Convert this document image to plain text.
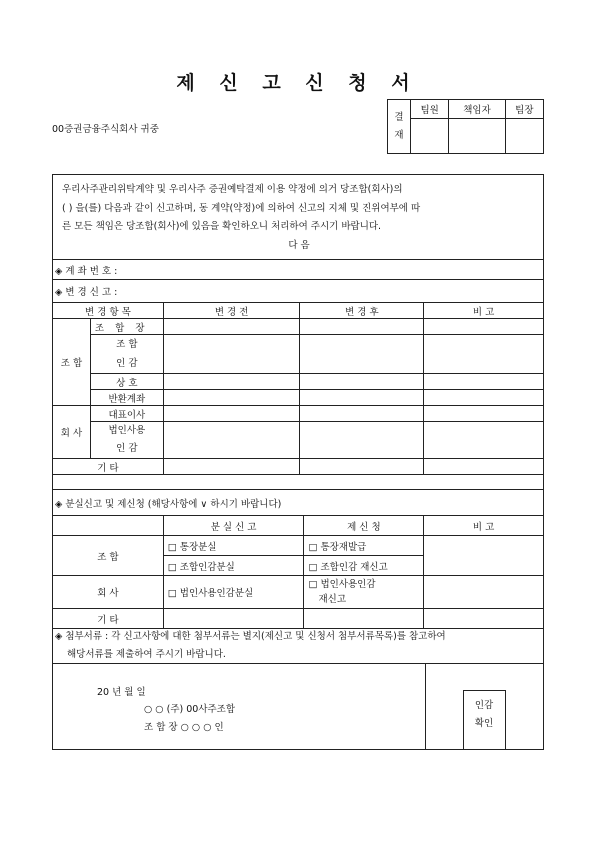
제 신 고 신 청 서
00증권금융주식회사 귀중
결
재	팀원	책임자	팀장

우리사주관리위탁계약 및 우리사주 증권예탁결제 이용 약정에 의거 당조합(회사)의
( ) 을(를) 다음과 같이 신고하며, 동 계약(약정)에 의하여 신고의 지체 및 진위여부에 따
른 모든 책임은 당조합(회사)에 있음을 확인하오니 처리하여 주시기 바랍니다.
다 음
◈ 계 좌 번 호 :
◈ 변 경 신 고 :
변 경 항 목		변 경 전	변 경 후	비 고
조 합	조 합 장			

	조 합
인 감			

	상 호			
	반환계좌			
회 사	대표이사			

	법인사용
인 감			

기 타				
◈ 분실신고 및 제신청 (해당사항에 ∨ 하시기 바랍니다)
	분 실 신 고	제 신 청	비 고
조 합	□ 통장분실	□ 통장재발급	
	□ 조합인감분실	□ 조합인감 재신고	
회 사	□ 법인사용인감분실	□ 법인사용인감
재신고	

기 타			
◈ 첨부서류 : 각 신고사항에 대한 첨부서류는 별지(제신고 및 신청서 첨부서류목록)를 참고하여
해당서류를 제출하여 주시기 바랍니다.
인감
확인
20 년 월 일
○ ○ (주) 00사주조합
조 합 장 ○ ○ ○ 인
